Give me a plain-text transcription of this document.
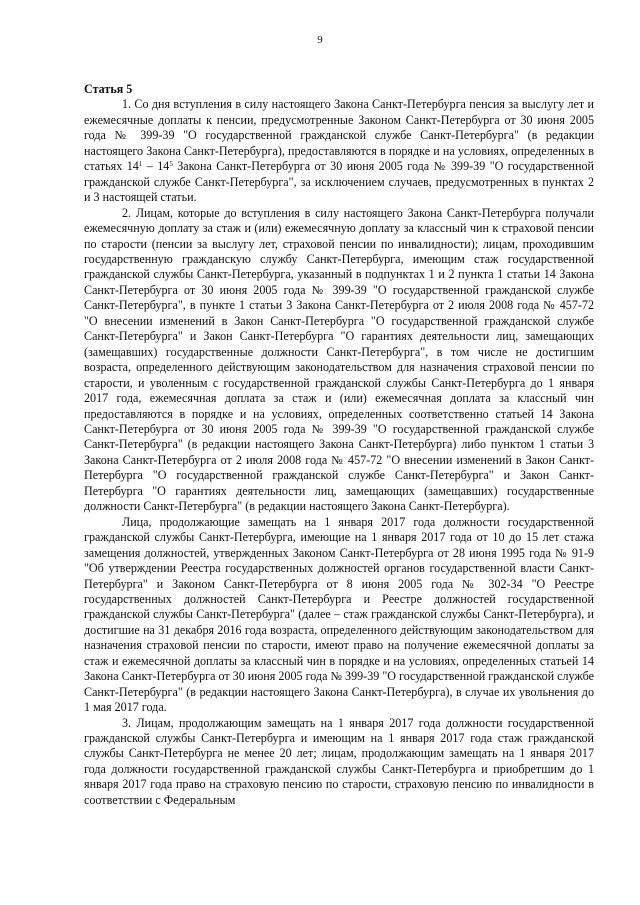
9

Статья 5

1. Со дня вступления в силу настоящего Закона Санкт-Петербурга пенсия за выслугу лет и ежемесячные доплаты к пенсии, предусмотренные Законом Санкт-Петербурга от 30 июня 2005 года № 399-39 "О государственной гражданской службе Санкт-Петербурга" (в редакции настоящего Закона Санкт-Петербурга), предоставляются в порядке и на условиях, определенных в статьях $14^1 - 14^5$ Закона Санкт-Петербурга от 30 июня 2005 года № 399-39 "О государственной гражданской службе Санкт-Петербурга", за исключением случаев, предусмотренных в пунктах 2 и 3 настоящей статьи.

2. Лицам, которые до вступления в силу настоящего Закона Санкт-Петербурга получали ежемесячную доплату за стаж и (или) ежемесячную доплату за классный чин к страховой пенсии по старости (пенсии за выслугу лет, страховой пенсии по инвалидности); лицам, проходившим государственную гражданскую службу Санкт-Петербурга, имеющим стаж государственной гражданской службы Санкт-Петербурга, указанный в подпунктах 1 и 2 пункта 1 статьи 14 Закона Санкт-Петербурга от 30 июня 2005 года № 399-39 "О государственной гражданской службе Санкт-Петербурга", в пункте 1 статьи 3 Закона Санкт-Петербурга от 2 июля 2008 года № 457-72 "О внесении изменений в Закон Санкт-Петербурга "О государственной гражданской службе Санкт-Петербурга" и Закон Санкт-Петербурга "О гарантиях деятельности лиц, замещающих (замещавших) государственные должности Санкт-Петербурга", в том числе не достигшим возраста, определенного действующим законодательством для назначения страховой пенсии по старости, и уволенным с государственной гражданской службы Санкт-Петербурга до 1 января 2017 года, ежемесячная доплата за стаж и (или) ежемесячная доплата за классный чин предоставляются в порядке и на условиях, определенных соответственно статьей 14 Закона Санкт-Петербурга от 30 июня 2005 года № 399-39 "О государственной гражданской службе Санкт-Петербурга" (в редакции настоящего Закона Санкт-Петербурга) либо пунктом 1 статьи 3 Закона Санкт-Петербурга от 2 июля 2008 года № 457-72 "О внесении изменений в Закон Санкт-Петербурга "О государственной гражданской службе Санкт-Петербурга" и Закон Санкт-Петербурга "О гарантиях деятельности лиц, замещающих (замещавших) государственные должности Санкт-Петербурга" (в редакции настоящего Закона Санкт-Петербурга).

Лица, продолжающие замещать на 1 января 2017 года должности государственной гражданской службы Санкт-Петербурга, имеющие на 1 января 2017 года от 10 до 15 лет стажа замещения должностей, утвержденных Законом Санкт-Петербурга от 28 июня 1995 года № 91-9 "Об утверждении Реестра государственных должностей органов государственной власти Санкт-Петербурга" и Законом Санкт-Петербурга от 8 июня 2005 года № 302-34 "О Реестре государственных должностей Санкт-Петербурга и Реестре должностей государственной гражданской службы Санкт-Петербурга" (далее – стаж гражданской службы Санкт-Петербурга), и достигшие на 31 декабря 2016 года возраста, определенного действующим законодательством для назначения страховой пенсии по старости, имеют право на получение ежемесячной доплаты за стаж и ежемесячной доплаты за классный чин в порядке и на условиях, определенных статьей 14 Закона Санкт-Петербурга от 30 июня 2005 года № 399-39 "О государственной гражданской службе Санкт-Петербурга" (в редакции настоящего Закона Санкт-Петербурга), в случае их увольнения до 1 мая 2017 года.

3. Лицам, продолжающим замещать на 1 января 2017 года должности государственной гражданской службы Санкт-Петербурга и имеющим на 1 января 2017 года стаж гражданской службы Санкт-Петербурга не менее 20 лет; лицам, продолжающим замещать на 1 января 2017 года должности государственной гражданской службы Санкт-Петербурга и приобретшим до 1 января 2017 года право на страховую пенсию по старости, страховую пенсию по инвалидности в соответствии с Федеральным
